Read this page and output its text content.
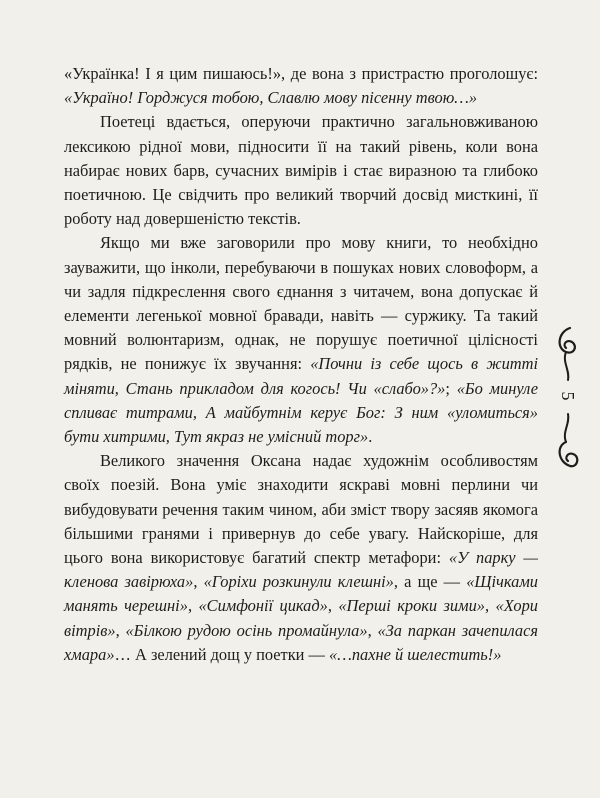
«Українка! І я цим пишаюсь!», де вона з пристрастю проголошує: «Україно! Горджуся тобою, Славлю мову пісенну твою…»

Поетеці вдається, оперуючи практично загальновживаною лексикою рідної мови, підносити її на такий рівень, коли вона набирає нових барв, сучасних вимірів і стає виразною та глибоко поетичною. Це свідчить про великий творчий досвід мисткині, її роботу над довершеністю текстів.

Якщо ми вже заговорили про мову книги, то необхідно зауважити, що інколи, перебуваючи в пошуках нових словоформ, а чи задля підкреслення свого єднання з читачем, вона допускає й елементи легенької мовної бравади, навіть — суржику. Та такий мовний волюнтаризм, однак, не порушує поетичної цілісності рядків, не понижує їх звучання: «Почни із себе щось в житті міняти, Стань прикладом для когось! Чи «слабо»?»; «Бо минуле спливає титрами, А майбутнім керує Бог: З ним «уломиться» бути хитрими, Тут якраз не умісний торг».

Великого значення Оксана надає художнім особливостям своїх поезій. Вона уміє знаходити яскраві мовні перлини чи вибудовувати речення таким чином, аби зміст твору засяяв якомога більшими гранями і привернув до себе увагу. Найскоріше, для цього вона використовує багатий спектр метафори: «У парку — кленова завірюха», «Горіхи розкинули клешні», а ще — «Щічками манять черешні», «Симфонії цикад», «Перші кроки зими», «Хори вітрів», «Білкою рудою осінь промайнула», «За паркан зачепилася хмара»… А зелений дощ у поетки — «…пахне й шелестить!»

5
